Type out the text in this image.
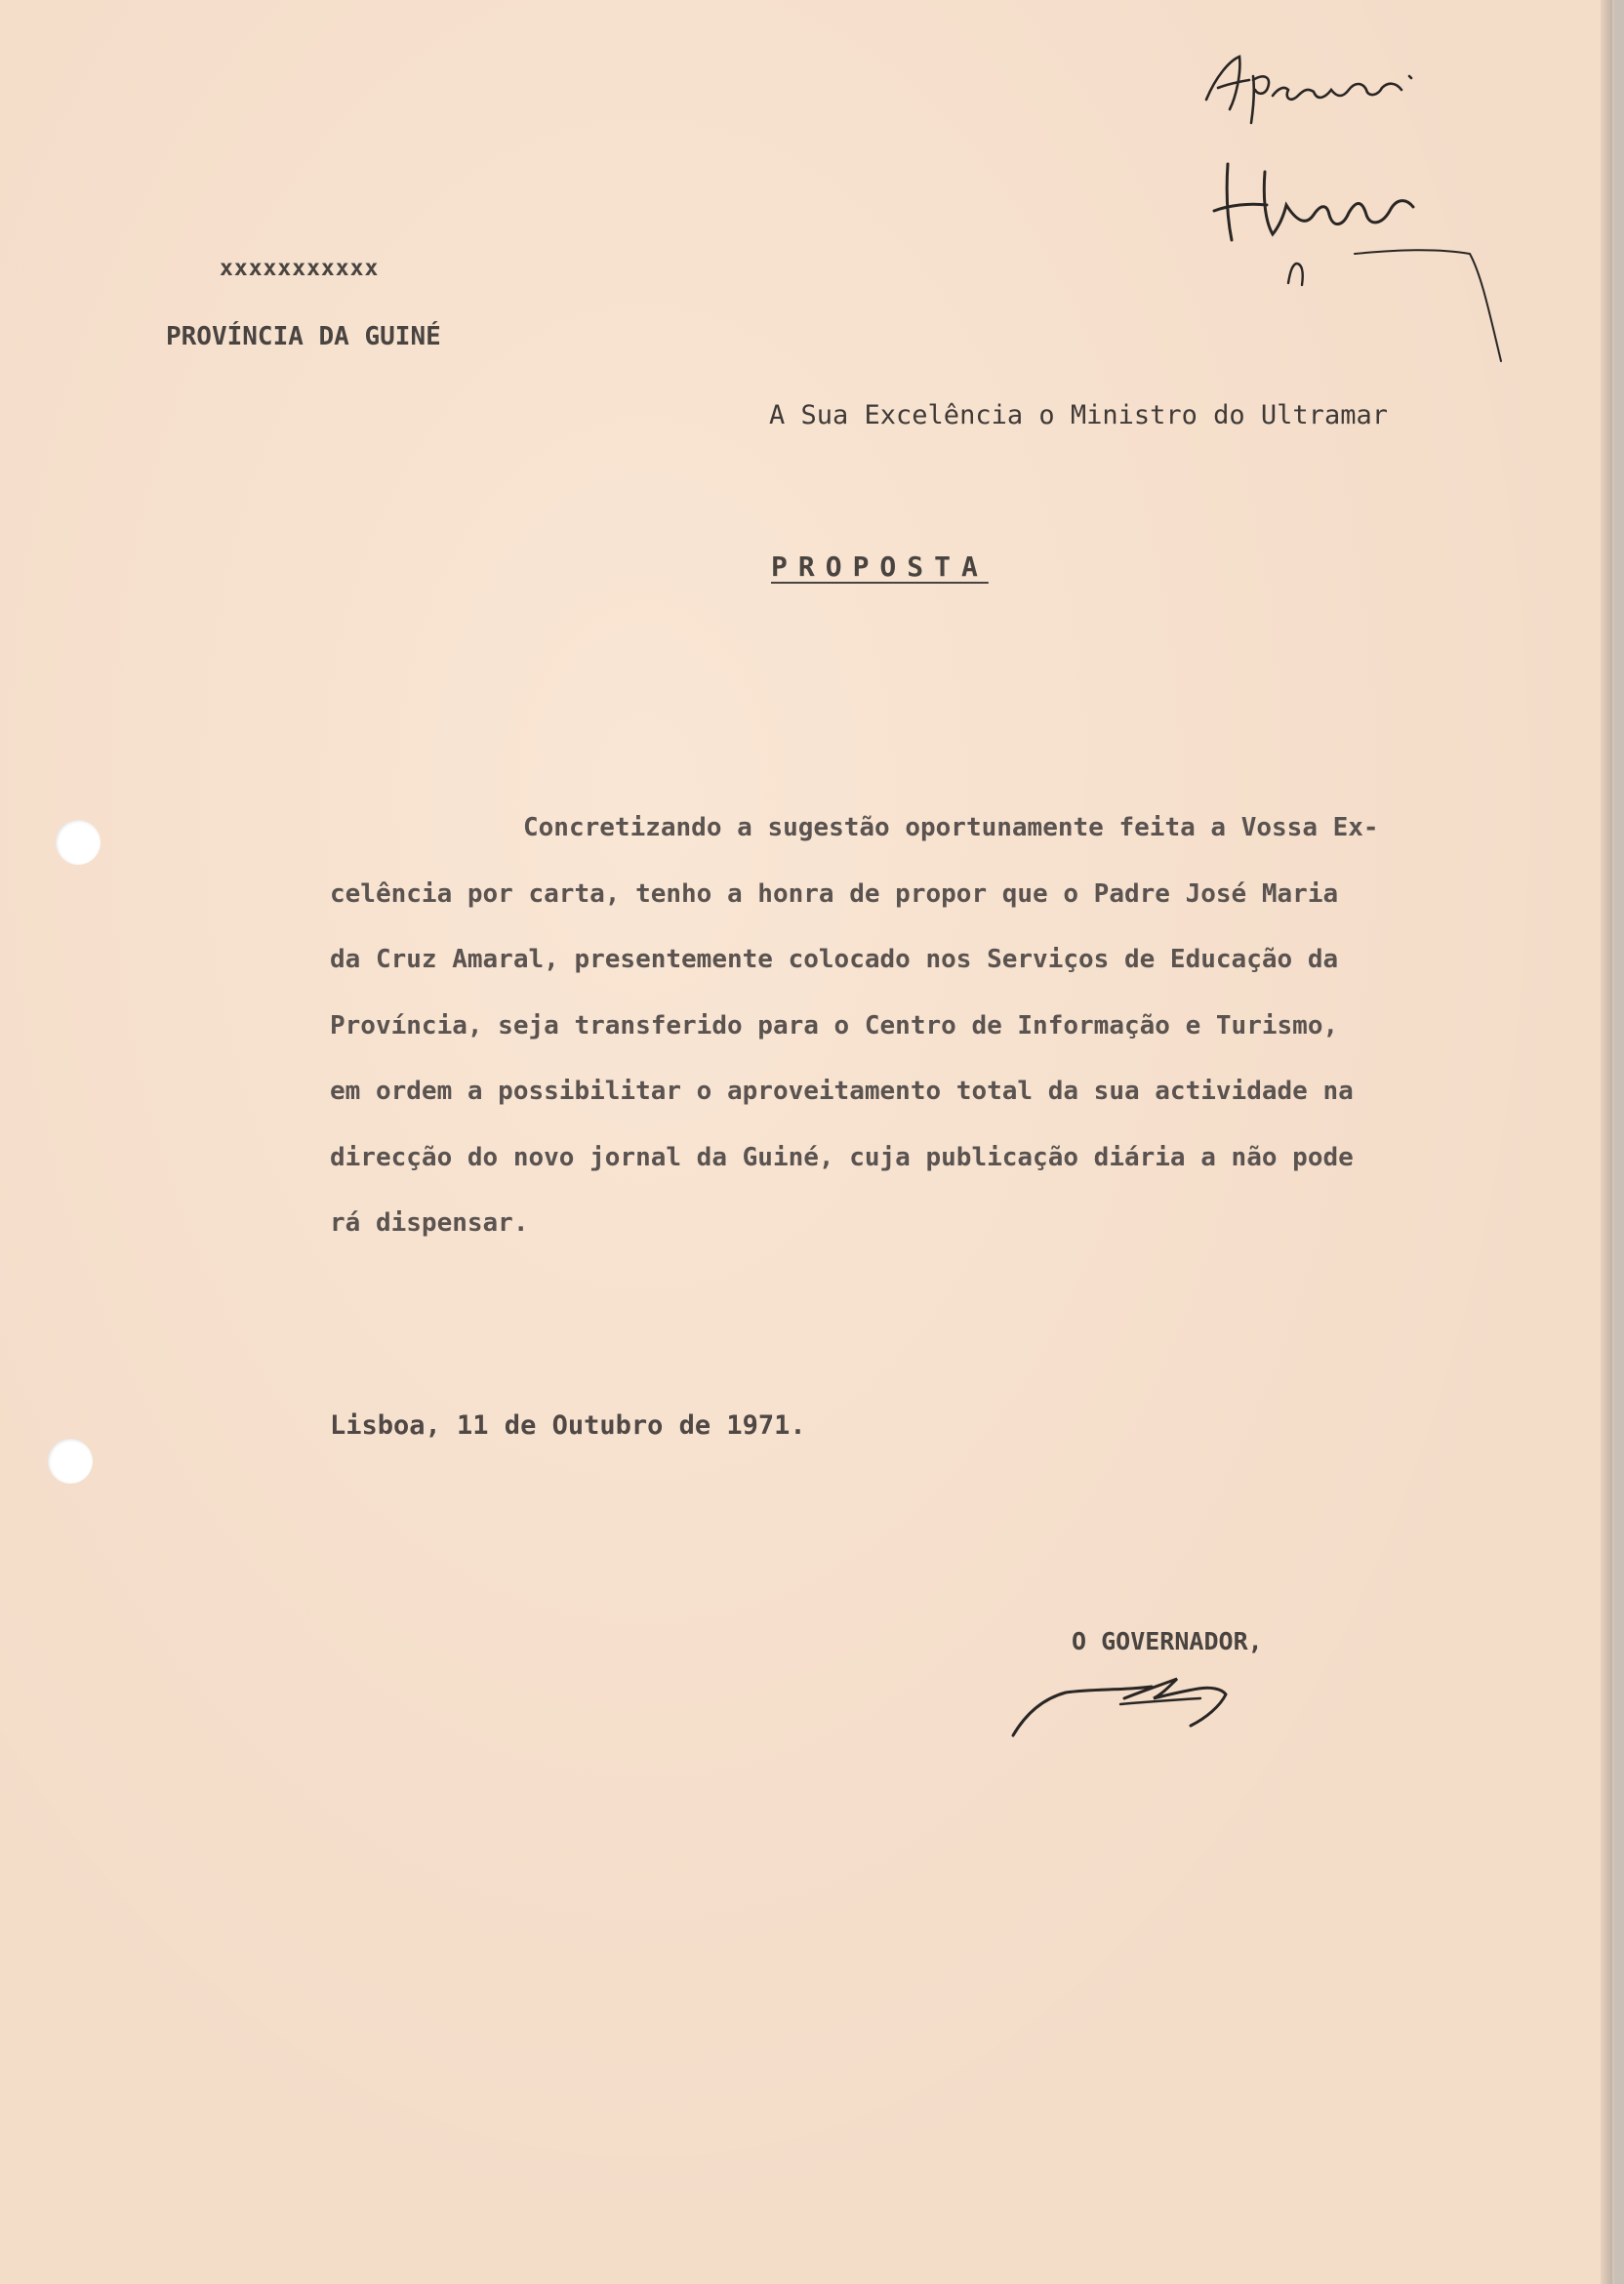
xxxxxxxxxxx
PROVÍNCIA DA GUINÉ
A Sua Excelência o Ministro do Ultramar
PROPOSTA

Concretizando a sugestão oportunamente feita a Vossa Ex-
celência por carta, tenho a honra de propor que o Padre José Maria
da Cruz Amaral, presentemente colocado nos Serviços de Educação da
Província, seja transferido para o Centro de Informação e Turismo,
em ordem a possibilitar o aproveitamento total da sua actividade na
direcção do novo jornal da Guiné, cuja publicação diária a não pode
rá dispensar.

Lisboa, 11 de Outubro de 1971.
O GOVERNADOR,
